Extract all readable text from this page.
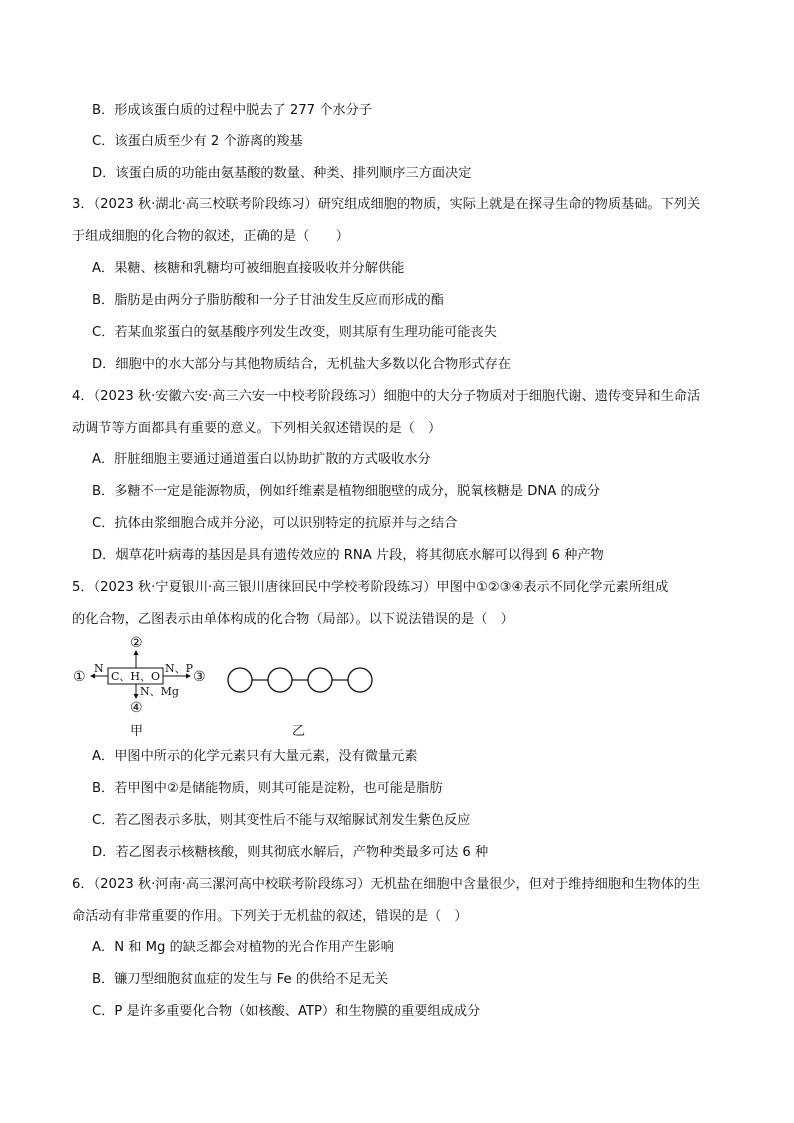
B．形成该蛋白质的过程中脱去了 277 个水分子
C．该蛋白质至少有 2 个游离的羧基
D．该蛋白质的功能由氨基酸的数量、种类、排列顺序三方面决定
3．（2023 秋·湖北·高三校联考阶段练习）研究组成细胞的物质，实际上就是在探寻生命的物质基础。下列关
于组成细胞的化合物的叙述，正确的是（　　）
A．果糖、核糖和乳糖均可被细胞直接吸收并分解供能
B．脂肪是由两分子脂肪酸和一分子甘油发生反应而形成的酯
C．若某血浆蛋白的氨基酸序列发生改变，则其原有生理功能可能丧失
D．细胞中的水大部分与其他物质结合，无机盐大多数以化合物形式存在
4．（2023 秋·安徽六安·高三六安一中校考阶段练习）细胞中的大分子物质对于细胞代谢、遗传变异和生命活
动调节等方面都具有重要的意义。下列相关叙述错误的是（　）
A．肝脏细胞主要通过通道蛋白以协助扩散的方式吸收水分
B．多糖不一定是能源物质，例如纤维素是植物细胞壁的成分，脱氧核糖是 DNA 的成分
C．抗体由浆细胞合成并分泌，可以识别特定的抗原并与之结合
D．烟草花叶病毒的基因是具有遗传效应的 RNA 片段，将其彻底水解可以得到 6 种产物
5．（2023 秋·宁夏银川·高三银川唐徕回民中学校考阶段练习）甲图中①②③④表示不同化学元素所组成
的化合物，乙图表示由单体构成的化合物（局部）。以下说法错误的是（　）
①
N
C、H、O
②
N、P
③
N、Mg
④
甲	乙
A．甲图中所示的化学元素只有大量元素，没有微量元素
B．若甲图中②是储能物质，则其可能是淀粉，也可能是脂肪
C．若乙图表示多肽，则其变性后不能与双缩脲试剂发生紫色反应
D．若乙图表示核糖核酸，则其彻底水解后，产物种类最多可达 6 种
6．（2023 秋·河南·高三漯河高中校联考阶段练习）无机盐在细胞中含量很少，但对于维持细胞和生物体的生
命活动有非常重要的作用。下列关于无机盐的叙述，错误的是（　）
A．N 和 Mg 的缺乏都会对植物的光合作用产生影响
B．镰刀型细胞贫血症的发生与 Fe 的供给不足无关
C．P 是许多重要化合物（如核酸、ATP）和生物膜的重要组成成分
